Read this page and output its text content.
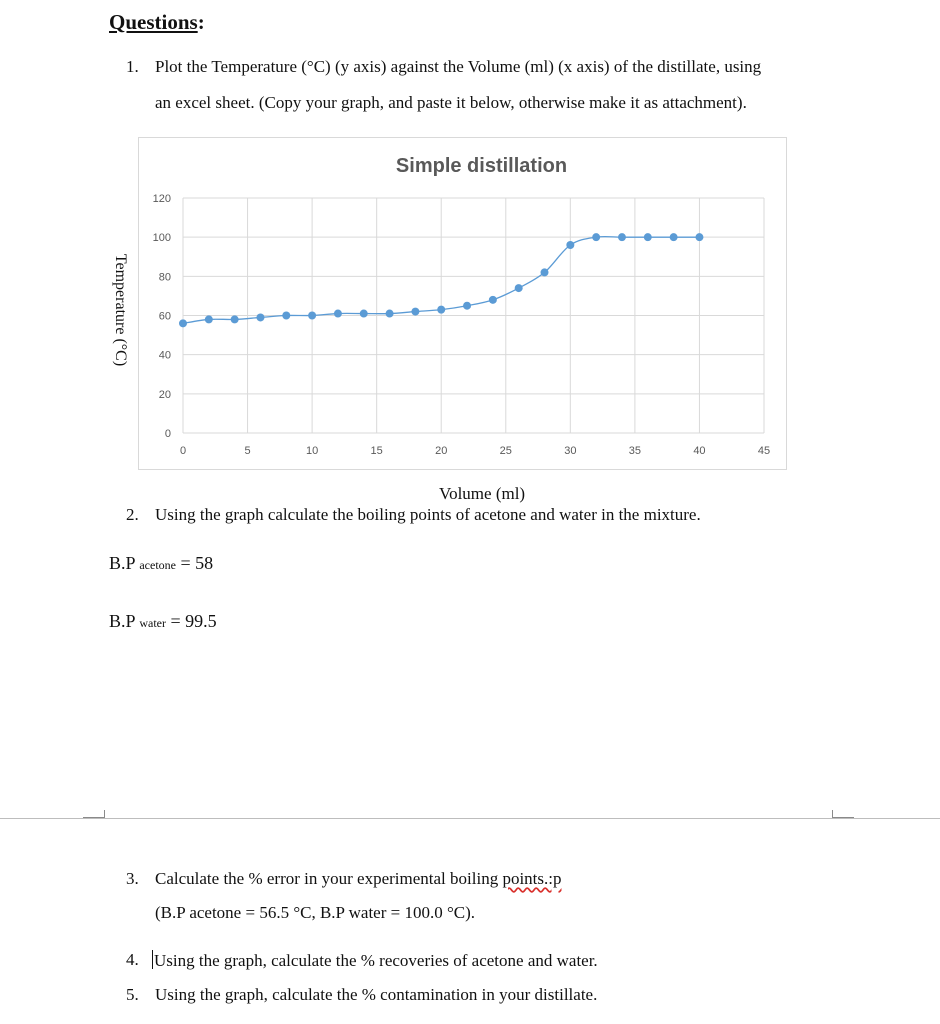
Questions:
1. Plot the Temperature (°C) (y axis) against the Volume (ml) (x axis) of the distillate, using
an excel sheet. (Copy your graph, and paste it below, otherwise make it as attachment).
Simple distillation
0
20
40
60
80
100
120
0	5	10	15	20	25	30	35	40	45
Temperature (°C)
Volume (ml)
2. Using the graph calculate the boiling points of acetone and water in the mixture.
B.P acetone = 58
B.P water = 99.5
3. Calculate the % error in your experimental boiling points.:p
(B.P acetone = 56.5 °C, B.P water = 100.0 °C).
4. Using the graph, calculate the % recoveries of acetone and water.
5. Using the graph, calculate the % contamination in your distillate.
